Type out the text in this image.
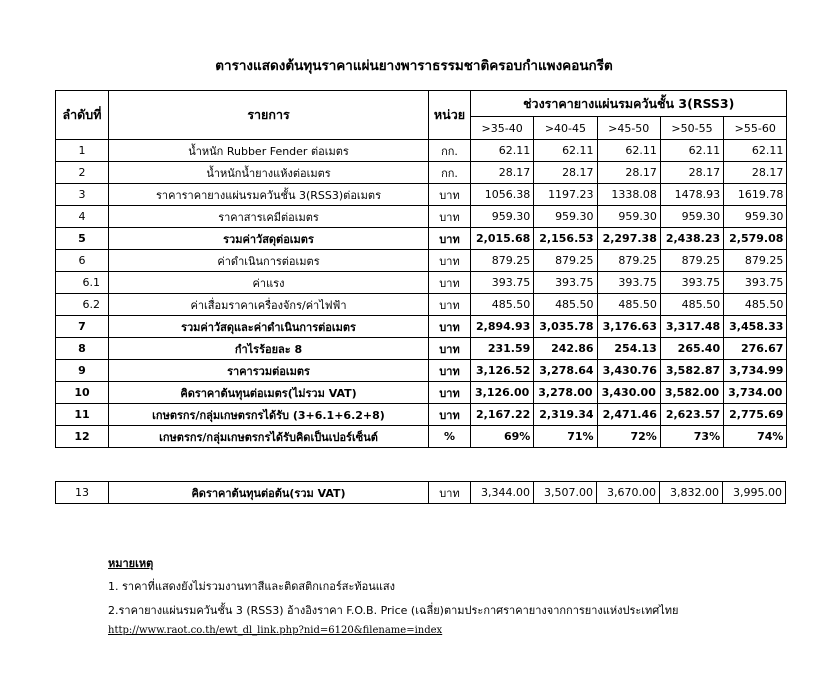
ตารางแสดงต้นทุนราคาแผ่นยางพาราธรรมชาติครอบกำแพงคอนกรีต
ลำดับที่	รายการ	หน่วย	ช่วงราคายางแผ่นรมควันชั้น 3(RSS3)				
			>35-40	>40-45	>45-50	>50-55	>55-60
1	น้ำหนัก Rubber Fender ต่อเมตร	กก.	62.11	62.11	62.11	62.11	62.11
2	น้ำหนักน้ำยางแห้งต่อเมตร	กก.	28.17	28.17	28.17	28.17	28.17
3	ราคาราคายางแผ่นรมควันชั้น 3(RSS3)ต่อเมตร	บาท	1056.38	1197.23	1338.08	1478.93	1619.78
4	ราคาสารเคมีต่อเมตร	บาท	959.30	959.30	959.30	959.30	959.30
5	รวมค่าวัสดุต่อเมตร	บาท	2,015.68	2,156.53	2,297.38	2,438.23	2,579.08
6	ค่าดำเนินการต่อเมตร	บาท	879.25	879.25	879.25	879.25	879.25
6.1	ค่าแรง	บาท	393.75	393.75	393.75	393.75	393.75
6.2	ค่าเสื่อมราคาเครื่องจักร/ค่าไฟฟ้า	บาท	485.50	485.50	485.50	485.50	485.50
7	รวมค่าวัสดุและค่าดำเนินการต่อเมตร	บาท	2,894.93	3,035.78	3,176.63	3,317.48	3,458.33
8	กำไรร้อยละ 8	บาท	231.59	242.86	254.13	265.40	276.67
9	ราคารวมต่อเมตร	บาท	3,126.52	3,278.64	3,430.76	3,582.87	3,734.99
10	คิดราคาต้นทุนต่อเมตร(ไม่รวม VAT)	บาท	3,126.00	3,278.00	3,430.00	3,582.00	3,734.00
11	เกษตรกร/กลุ่มเกษตรกรได้รับ (3+6.1+6.2+8)	บาท	2,167.22	2,319.34	2,471.46	2,623.57	2,775.69
12	เกษตรกร/กลุ่มเกษตรกรได้รับคิดเป็นเปอร์เซ็นต์	%	69%	71%	72%	73%	74%
13	คิดราคาต้นทุนต่อต้น(รวม VAT)	บาท	3,344.00	3,507.00	3,670.00	3,832.00	3,995.00
หมายเหตุ
1. ราคาที่แสดงยังไม่รวมงานทาสีและติดสติกเกอร์สะท้อนแสง
2.ราคายางแผ่นรมควันชั้น 3 (RSS3) อ้างอิงราคา F.O.B. Price (เฉลี่ย)ตามประกาศราคายางจากการยางแห่งประเทศไทย
http://www.raot.co.th/ewt_dl_link.php?nid=6120&filename=index
